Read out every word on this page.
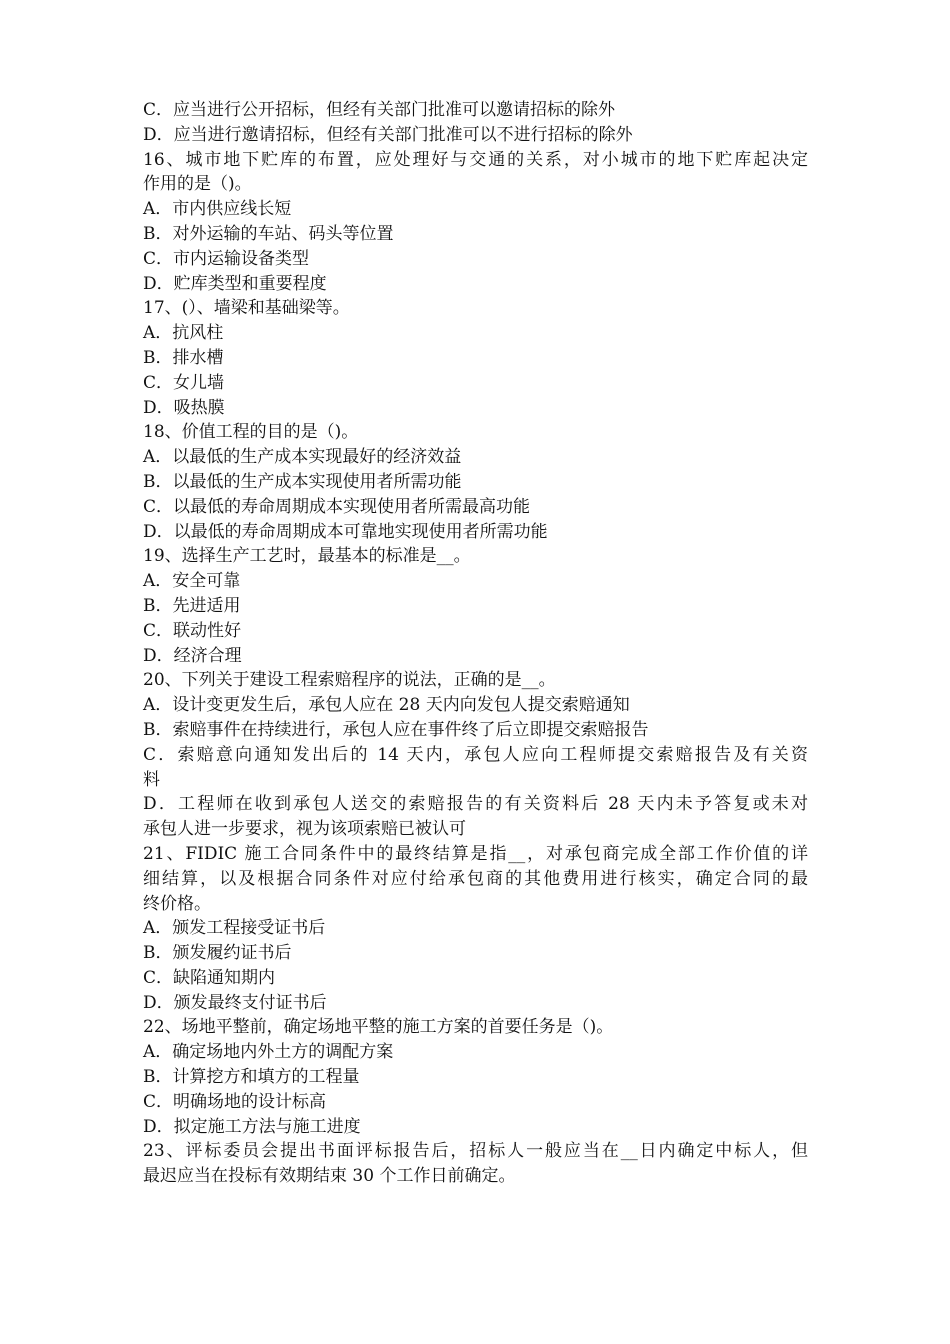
C．应当进行公开招标，但经有关部门批准可以邀请招标的除外
D．应当进行邀请招标，但经有关部门批准可以不进行招标的除外
16、城市地下贮库的布置，应处理好与交通的关系，对小城市的地下贮库起决定
作用的是（)。
A．市内供应线长短
B．对外运输的车站、码头等位置
C．市内运输设备类型
D．贮库类型和重要程度
17、(）、墙梁和基础梁等。
A．抗风柱
B．排水槽
C．女儿墙
D．吸热膜
18、价值工程的目的是（)。
A．以最低的生产成本实现最好的经济效益
B．以最低的生产成本实现使用者所需功能
C．以最低的寿命周期成本实现使用者所需最高功能
D．以最低的寿命周期成本可靠地实现使用者所需功能
19、选择生产工艺时，最基本的标准是__。
A．安全可靠
B．先进适用
C．联动性好
D．经济合理
20、下列关于建设工程索赔程序的说法，正确的是__。
A．设计变更发生后，承包人应在 28 天内向发包人提交索赔通知
B．索赔事件在持续进行，承包人应在事件终了后立即提交索赔报告
C．索赔意向通知发出后的 14 天内，承包人应向工程师提交索赔报告及有关资
料
D．工程师在收到承包人送交的索赔报告的有关资料后 28 天内未予答复或未对
承包人进一步要求，视为该项索赔已被认可
21、FIDIC 施工合同条件中的最终结算是指__，对承包商完成全部工作价值的详
细结算，以及根据合同条件对应付给承包商的其他费用进行核实，确定合同的最
终价格。
A．颁发工程接受证书后
B．颁发履约证书后
C．缺陷通知期内
D．颁发最终支付证书后
22、场地平整前，确定场地平整的施工方案的首要任务是（)。
A．确定场地内外土方的调配方案
B．计算挖方和填方的工程量
C．明确场地的设计标高
D．拟定施工方法与施工进度
23、评标委员会提出书面评标报告后，招标人一般应当在__日内确定中标人，但
最迟应当在投标有效期结束 30 个工作日前确定。
